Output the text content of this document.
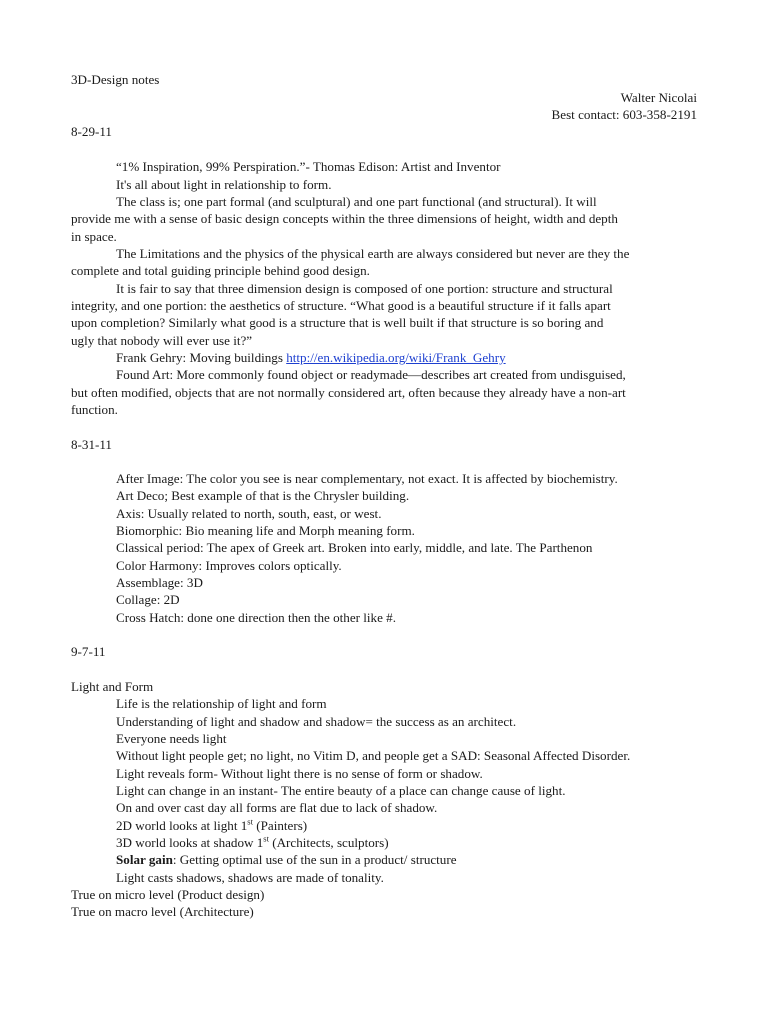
3D-Design notes
Walter Nicolai
Best contact: 603-358-2191
8-29-11
“1% Inspiration, 99% Perspiration.”- Thomas Edison: Artist and Inventor
It's all about light in relationship to form.
The class is; one part formal (and sculptural) and one part functional (and structural). It will
provide me with a sense of basic design concepts within the three dimensions of height, width and depth
in space.
The Limitations and the physics of the physical earth are always considered but never are they the
complete and total guiding principle behind good design.
It is fair to say that three dimension design is composed of one portion: structure and structural
integrity, and one portion: the aesthetics of structure. “What good is a beautiful structure if it falls apart
upon completion? Similarly what good is a structure that is well built if that structure is so boring and
ugly that nobody will ever use it?”
Frank Gehry: Moving buildings http://en.wikipedia.org/wiki/Frank_Gehry
Found Art: More commonly found object or readymade—describes art created from undisguised,
but often modified, objects that are not normally considered art, often because they already have a non-art
function.
8-31-11
After Image: The color you see is near complementary, not exact. It is affected by biochemistry.
Art Deco; Best example of that is the Chrysler building.
Axis: Usually related to north, south, east, or west.
Biomorphic: Bio meaning life and Morph meaning form.
Classical period: The apex of Greek art. Broken into early, middle, and late. The Parthenon
Color Harmony: Improves colors optically.
Assemblage: 3D
Collage: 2D
Cross Hatch: done one direction then the other like #.
9-7-11
Light and Form
Life is the relationship of light and form
Understanding of light and shadow and shadow= the success as an architect.
Everyone needs light
Without light people get; no light, no Vitim D, and people get a SAD: Seasonal Affected Disorder.
Light reveals form- Without light there is no sense of form or shadow.
Light can change in an instant- The entire beauty of a place can change cause of light.
On and over cast day all forms are flat due to lack of shadow.
2D world looks at light 1st (Painters)
3D world looks at shadow 1st (Architects, sculptors)
Solar gain: Getting optimal use of the sun in a product/ structure
Light casts shadows, shadows are made of tonality.
True on micro level (Product design)
True on macro level (Architecture)
